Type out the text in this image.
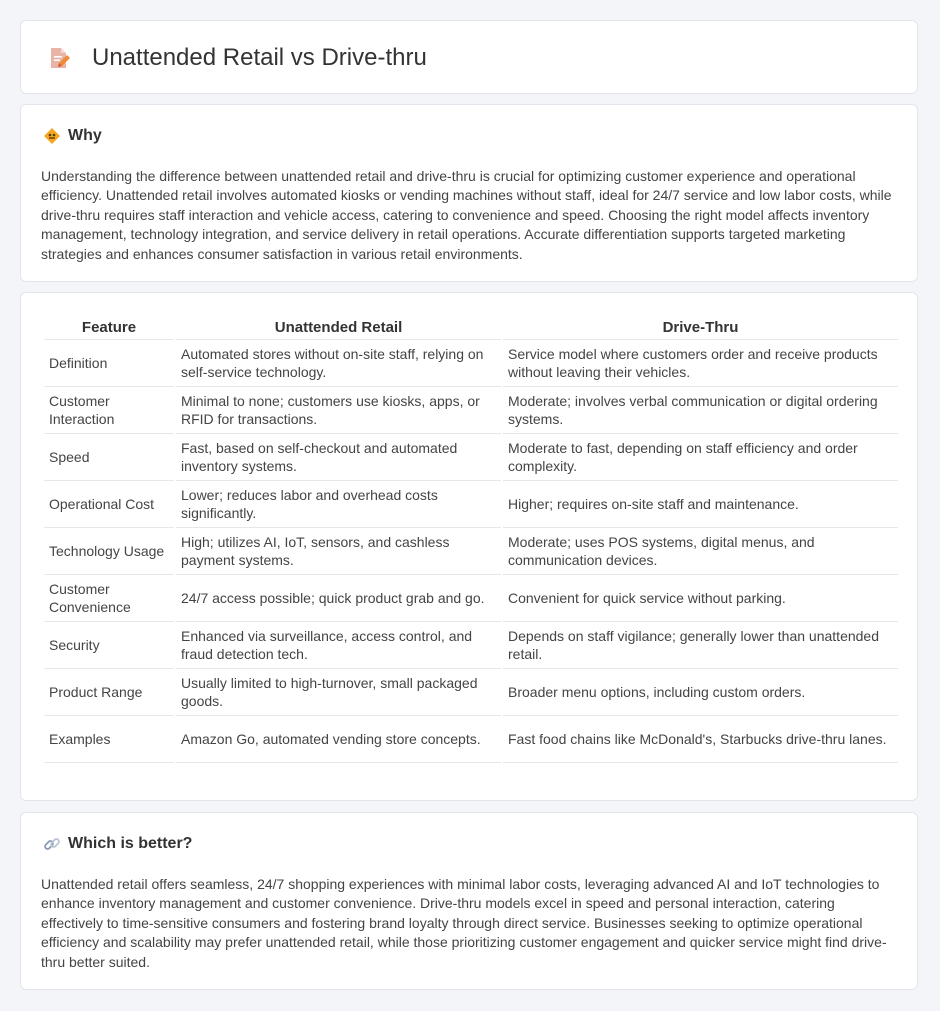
Unattended Retail vs Drive-thru
Why

Understanding the difference between unattended retail and drive-thru is crucial for optimizing customer experience and operational efficiency. Unattended retail involves automated kiosks or vending machines without staff, ideal for 24/7 service and low labor costs, while drive-thru requires staff interaction and vehicle access, catering to convenience and speed. Choosing the right model affects inventory management, technology integration, and service delivery in retail operations. Accurate differentiation supports targeted marketing strategies and enhances consumer satisfaction in various retail environments.

Feature	Unattended Retail	Drive-Thru
Definition	Automated stores without on-site staff, relying on self-service technology.	Service model where customers order and receive products without leaving their vehicles.
Customer Interaction	Minimal to none; customers use kiosks, apps, or RFID for transactions.	Moderate; involves verbal communication or digital ordering systems.
Speed	Fast, based on self-checkout and automated inventory systems.	Moderate to fast, depending on staff efficiency and order complexity.
Operational Cost	Lower; reduces labor and overhead costs significantly.	Higher; requires on-site staff and maintenance.
Technology Usage	High; utilizes AI, IoT, sensors, and cashless payment systems.	Moderate; uses POS systems, digital menus, and communication devices.
Customer Convenience	24/7 access possible; quick product grab and go.	Convenient for quick service without parking.
Security	Enhanced via surveillance, access control, and fraud detection tech.	Depends on staff vigilance; generally lower than unattended retail.
Product Range	Usually limited to high-turnover, small packaged goods.	Broader menu options, including custom orders.
Examples	Amazon Go, automated vending store concepts.	Fast food chains like McDonald's, Starbucks drive-thru lanes.
Which is better?

Unattended retail offers seamless, 24/7 shopping experiences with minimal labor costs, leveraging advanced AI and IoT technologies to enhance inventory management and customer convenience. Drive-thru models excel in speed and personal interaction, catering effectively to time-sensitive consumers and fostering brand loyalty through direct service. Businesses seeking to optimize operational efficiency and scalability may prefer unattended retail, while those prioritizing customer engagement and quicker service might find drive-thru better suited.
